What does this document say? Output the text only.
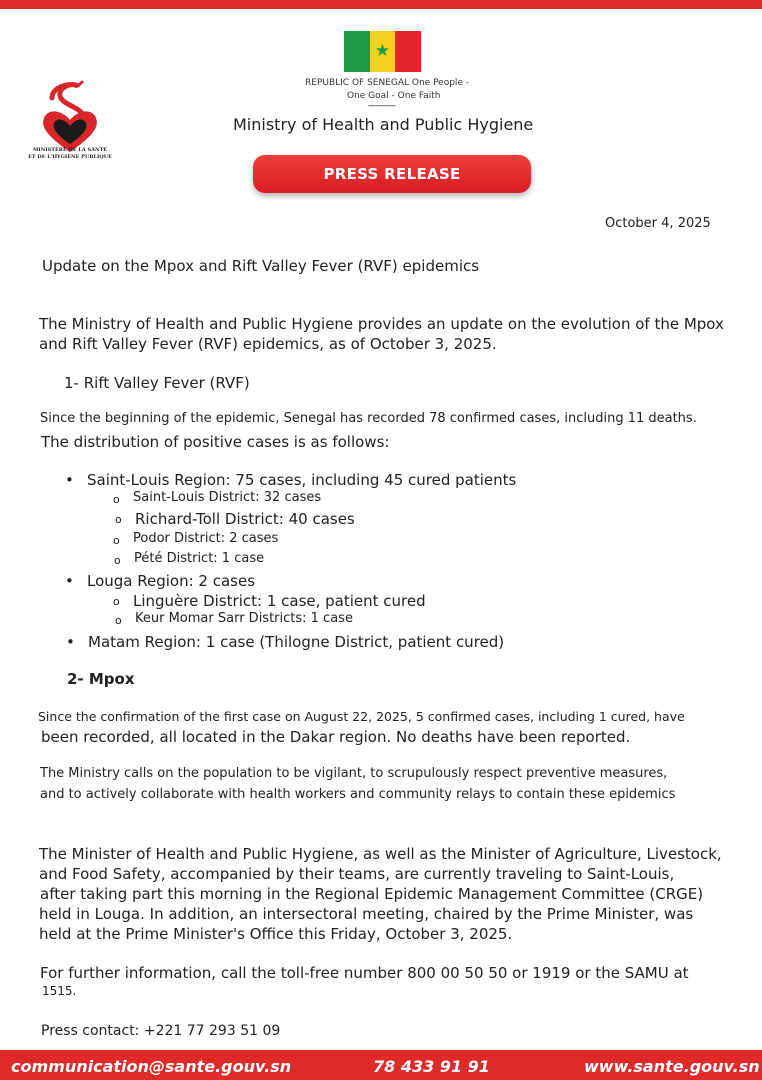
★
REPUBLIC OF SENEGAL One People -
One Goal - One Faith
------------
MINISTÈRE DE LA SANTÉ
ET DE L'HYGIÈNE PUBLIQUE
Ministry of Health and Public Hygiene
PRESS RELEASE
October 4, 2025
Update on the Mpox and Rift Valley Fever (RVF) epidemics
The Ministry of Health and Public Hygiene provides an update on the evolution of the Mpox
and Rift Valley Fever (RVF) epidemics, as of October 3, 2025.
1- Rift Valley Fever (RVF)
Since the beginning of the epidemic, Senegal has recorded 78 confirmed cases, including 11 deaths.
The distribution of positive cases is as follows:
• Saint-Louis Region: 75 cases, including 45 cured patients
o Saint-Louis District: 32 cases
o Richard-Toll District: 40 cases
o Podor District: 2 cases
o Pété District: 1 case
• Louga Region: 2 cases
o Linguère District: 1 case, patient cured
o Keur Momar Sarr Districts: 1 case
• Matam Region: 1 case (Thilogne District, patient cured)
2- Mpox
Since the confirmation of the first case on August 22, 2025, 5 confirmed cases, including 1 cured, have
been recorded, all located in the Dakar region. No deaths have been reported.
The Ministry calls on the population to be vigilant, to scrupulously respect preventive measures,
and to actively collaborate with health workers and community relays to contain these epidemics
The Minister of Health and Public Hygiene, as well as the Minister of Agriculture, Livestock,
and Food Safety, accompanied by their teams, are currently traveling to Saint-Louis,
after taking part this morning in the Regional Epidemic Management Committee (CRGE)
held in Louga. In addition, an intersectoral meeting, chaired by the Prime Minister, was
held at the Prime Minister's Office this Friday, October 3, 2025.
For further information, call the toll-free number 800 00 50 50 or 1919 or the SAMU at
1515.
Press contact: +221 77 293 51 09
communication@sante.gouv.sn	78 433 91 91	www.sante.gouv.sn
